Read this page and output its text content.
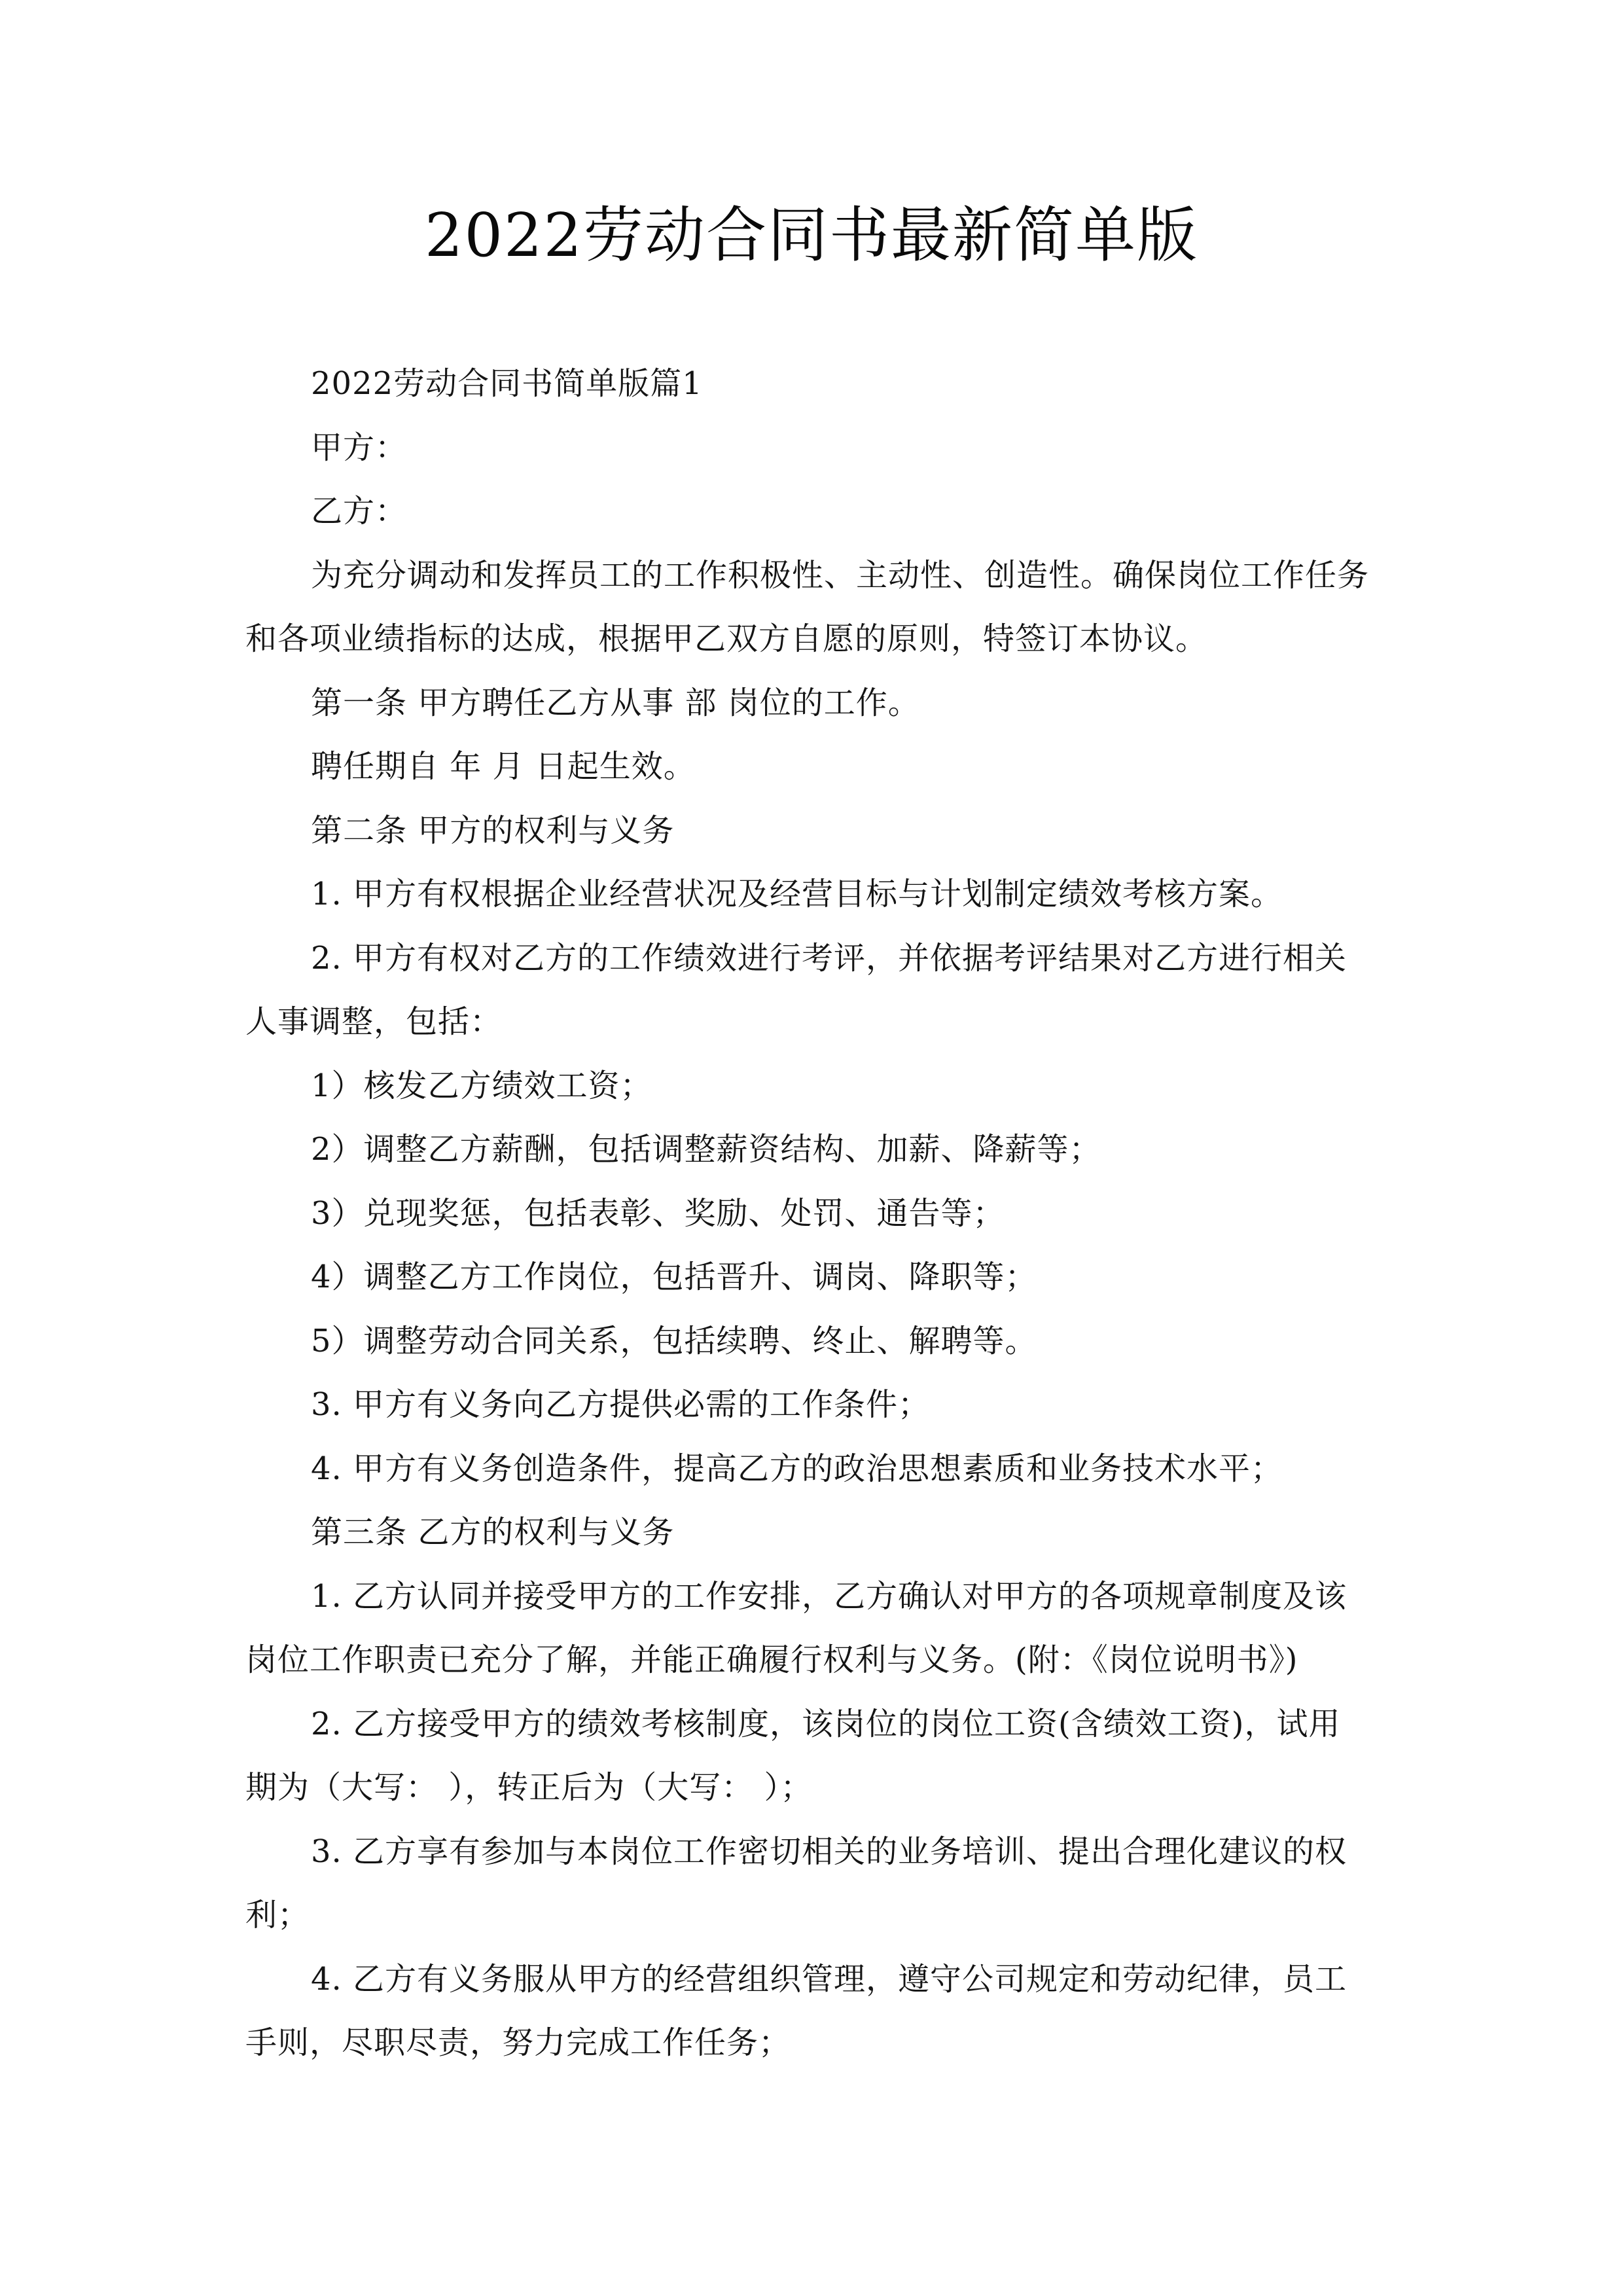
2022劳动合同书最新简单版
2022劳动合同书简单版篇1
甲方：
乙方：
为充分调动和发挥员工的工作积极性、主动性、创造性。确保岗位工作任务
和各项业绩指标的达成，根据甲乙双方自愿的原则，特签订本协议。
第一条 甲方聘任乙方从事 部 岗位的工作。
聘任期自 年 月 日起生效。
第二条 甲方的权利与义务
1. 甲方有权根据企业经营状况及经营目标与计划制定绩效考核方案。
2. 甲方有权对乙方的工作绩效进行考评，并依据考评结果对乙方进行相关
人事调整，包括：
1）核发乙方绩效工资；
2）调整乙方薪酬，包括调整薪资结构、加薪、降薪等；
3）兑现奖惩，包括表彰、奖励、处罚、通告等；
4）调整乙方工作岗位，包括晋升、调岗、降职等；
5）调整劳动合同关系，包括续聘、终止、解聘等。
3. 甲方有义务向乙方提供必需的工作条件；
4. 甲方有义务创造条件，提高乙方的政治思想素质和业务技术水平；
第三条 乙方的权利与义务
1. 乙方认同并接受甲方的工作安排，乙方确认对甲方的各项规章制度及该
岗位工作职责已充分了解，并能正确履行权利与义务。(附：《岗位说明书》)
2. 乙方接受甲方的绩效考核制度，该岗位的岗位工资(含绩效工资)，试用
期为（大写： ），转正后为（大写： ）；
3. 乙方享有参加与本岗位工作密切相关的业务培训、提出合理化建议的权
利；
4. 乙方有义务服从甲方的经营组织管理，遵守公司规定和劳动纪律，员工
手则，尽职尽责，努力完成工作任务；
